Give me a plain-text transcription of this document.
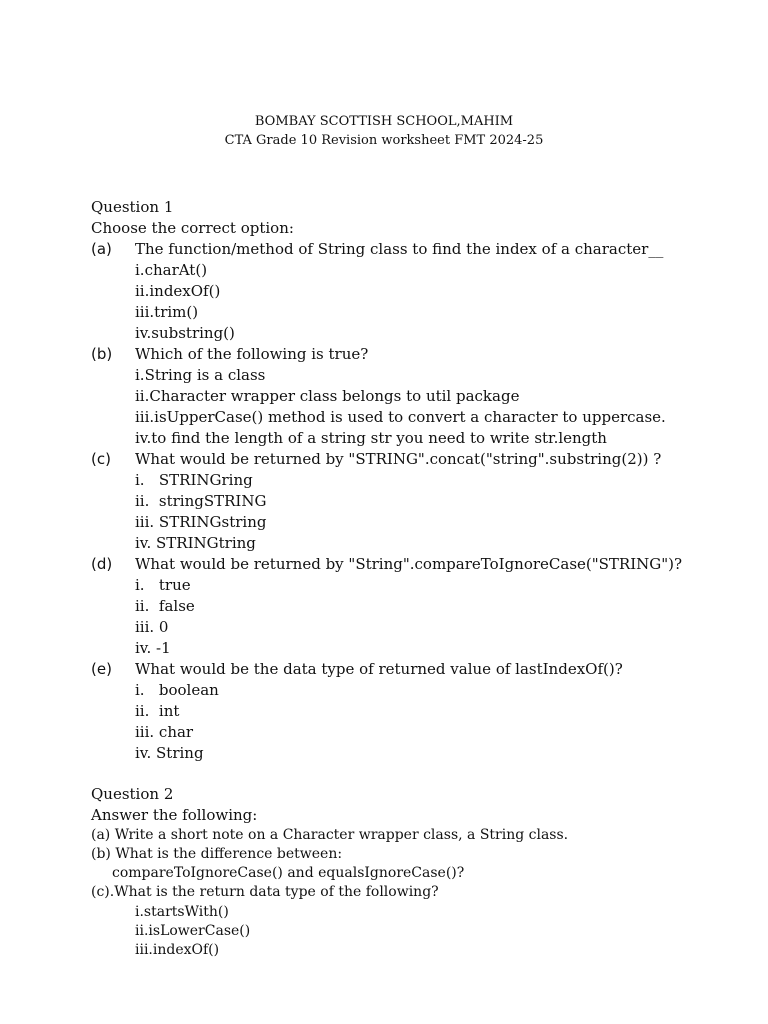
BOMBAY SCOTTISH SCHOOL,MAHIM
CTA Grade 10 Revision worksheet FMT 2024-25
Question 1
Choose the correct option:
(a) The function/method of String class to find the index of a character__
i.charAt()
ii.indexOf()
iii.trim()
iv.substring()
(b) Which of the following is true?
i.String is a class
ii.Character wrapper class belongs to util package
iii.isUpperCase() method is used to convert a character to uppercase.
iv.to find the length of a string str you need to write str.length
(c) What would be returned by "STRING".concat("string".substring(2)) ?
i.   STRINGring
ii.  stringSTRING
iii. STRINGstring
iv. STRINGtring
(d) What would be returned by "String".compareToIgnoreCase("STRING")?
i.   true
ii.  false
iii. 0
iv. -1
(e) What would be the data type of returned value of lastIndexOf()?
i.   boolean
ii.  int
iii. char
iv. String
Question 2
Answer the following:
(a) Write a short note on a Character wrapper class, a String class.
(b) What is the difference between:
compareToIgnoreCase() and equalsIgnoreCase()?
(c).What is the return data type of the following?
i.startsWith()
ii.isLowerCase()
iii.indexOf()
